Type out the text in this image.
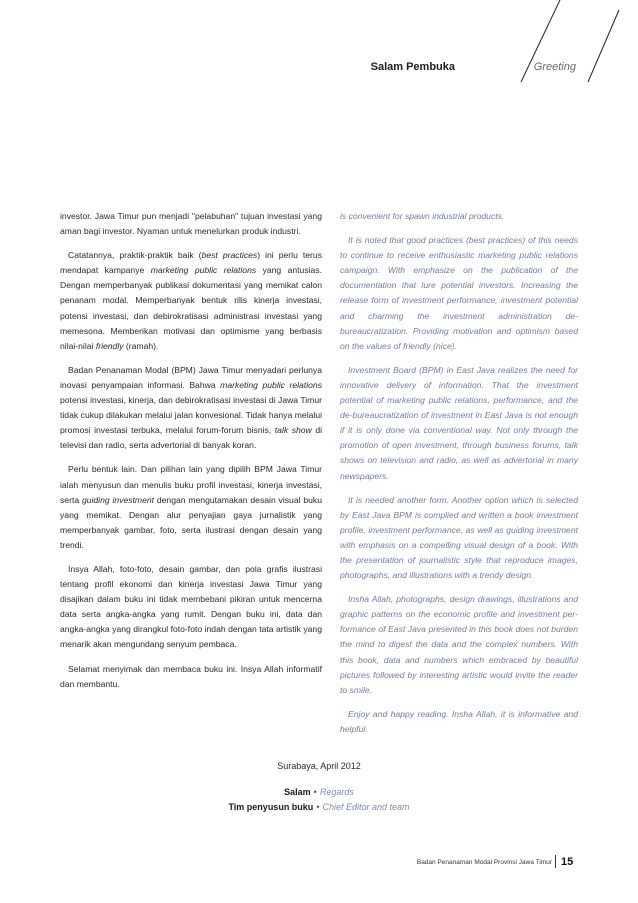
Salam Pembuka	Greeting

investor. Jawa Timur pun menjadi "pelabuhan" tujuan investasi yang aman bagi investor. Nyaman untuk menelurkan produk industri.

Catatannya, praktik-praktik baik (best practices) ini perlu terus mendapat kampanye marketing public relations yang antusias. Dengan memperbanyak publikasi dokumentasi yang memikat calon penanam modal. Memperbanyak bentuk rilis kinerja investasi, potensi investasi, dan debirokratisasi administrasi investasi yang memesona. Memberikan motivasi dan optimisme yang berbasis nilai-nilai friendly (ramah).

Badan Penanaman Modal (BPM) Jawa Timur menyadari perlunya inovasi penyampaian informasi. Bahwa marketing public relations potensi investasi, kinerja, dan debirokratisasi investasi di Jawa Timur tidak cukup dilakukan melalui jalan konvesional. Tidak hanya melalui promosi investasi terbuka, melalui forum-forum bisnis, talk show di televisi dan radio, serta advertorial di banyak koran.

Perlu bentuk lain. Dan pilihan lain yang dipilih BPM Jawa Timur ialah menyusun dan menulis buku profil investasi, kinerja investasi, serta guiding investment dengan mengutamakan desain visual buku yang memikat. Dengan alur penyajian gaya jurnalistik yang memperbanyak gambar, foto, serta ilustrasi dengan desain yang trendi.

Insya Allah, foto-foto, desain gambar, dan pola grafis ilustrasi tentang profil ekonomi dan kinerja investasi Jawa Timur yang disajikan dalam buku ini tidak membebani pikiran untuk mencerna data serta angka-angka yang rumit. Dengan buku ini, data dan angka-angka yang dirangkul foto-foto indah dengan tata artistik yang menarik akan mengundang senyum pembaca.

Selamat menyimak dan membaca buku ini. Insya Allah informatif dan membantu.

is convenient for spawn industrial products.

It is noted that good practices (best practices) of this needs to continue to receive enthusiastic marketing public relations campaign. With emphasize on the publication of the documentation that lure potential investors. Increasing the release form of investment performance, investment potential and charming the investment administration de-bureaucratization. Providing motivation and optimism based on the values of friendly (nice).

Investment Board (BPM) in East Java realizes the need for innovative delivery of information. That the investment potential of marketing public relations, performance, and the de-bureaucratization of investment in East Java is not enough if it is only done via conventional way. Not only through the promotion of open investment, through business forums, talk shows on television and radio, as well as advertorial in many newspapers.

It is needed another form. Another option which is selected by East Java BPM is complied and written a book investment profile, investment performance, as well as guiding investment with emphasis on a compelling visual design of a book. With the presentation of journalistic style that reproduce images, photographs, and illustrations with a trendy design.

Insha Allah, photographs, design drawings, illustrations and graphic patterns on the economic profile and investment per-formance of East Java presented in this book does not burden the mind to digest the data and the complex numbers. With this book, data and numbers which embraced by beautiful pictures followed by interesting artistic would invite the reader to smile.

Enjoy and happy reading. Insha Allah, it is informative and helpful.

Surabaya, April 2012
Salam • Regards
Tim penyusun buku • Chief Editor and team
Badan Penanaman Modal Provinsi Jawa Timur 15
